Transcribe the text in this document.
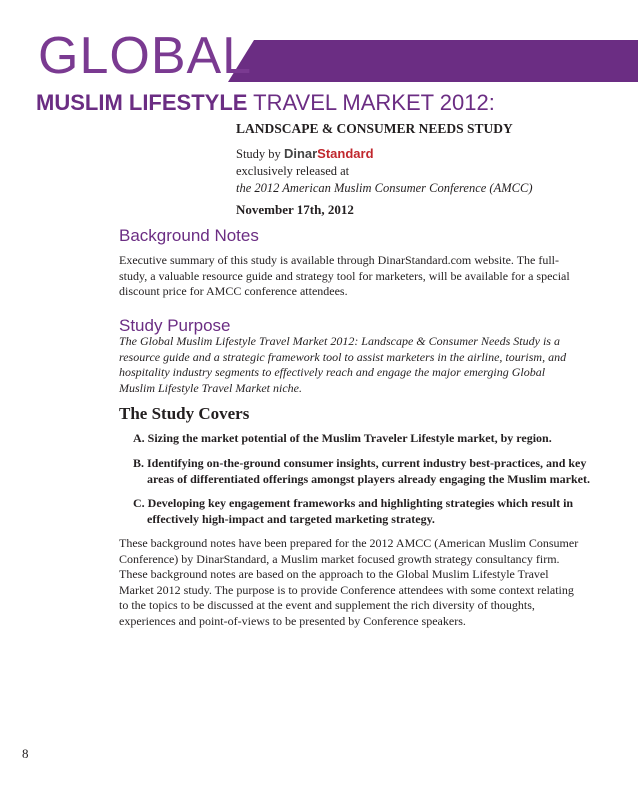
GLOBAL
MUSLIM LIFESTYLE TRAVEL MARKET 2012:
LANDSCAPE & CONSUMER NEEDS STUDY
Study by DinarStandard
exclusively released at
the 2012 American Muslim Consumer Conference (AMCC)
November 17th, 2012
Background Notes
Executive summary of this study is available through DinarStandard.com website. The full-study, a valuable resource guide and strategy tool for marketers, will be available for a special discount price for AMCC conference attendees.
Study Purpose
The Global Muslim Lifestyle Travel Market 2012: Landscape & Consumer Needs Study is a resource guide and a strategic framework tool to assist marketers in the airline, tourism, and hospitality industry segments to effectively reach and engage the major emerging Global Muslim Lifestyle Travel Market niche.
The Study Covers
A. Sizing the market potential of the Muslim Traveler Lifestyle market, by region.
B. Identifying on-the-ground consumer insights, current industry best-practices, and key areas of differentiated offerings amongst players already engaging the Muslim market.
C. Developing key engagement frameworks and highlighting strategies which result in effectively high-impact and targeted marketing strategy.
These background notes have been prepared for the 2012 AMCC (American Muslim Consumer Conference) by DinarStandard, a Muslim market focused growth strategy consultancy firm. These background notes are based on the approach to the Global Muslim Lifestyle Travel Market 2012 study. The purpose is to provide Conference attendees with some context relating to the topics to be discussed at the event and supplement the rich diversity of thoughts, experiences and point-of-views to be presented by Conference speakers.
8
